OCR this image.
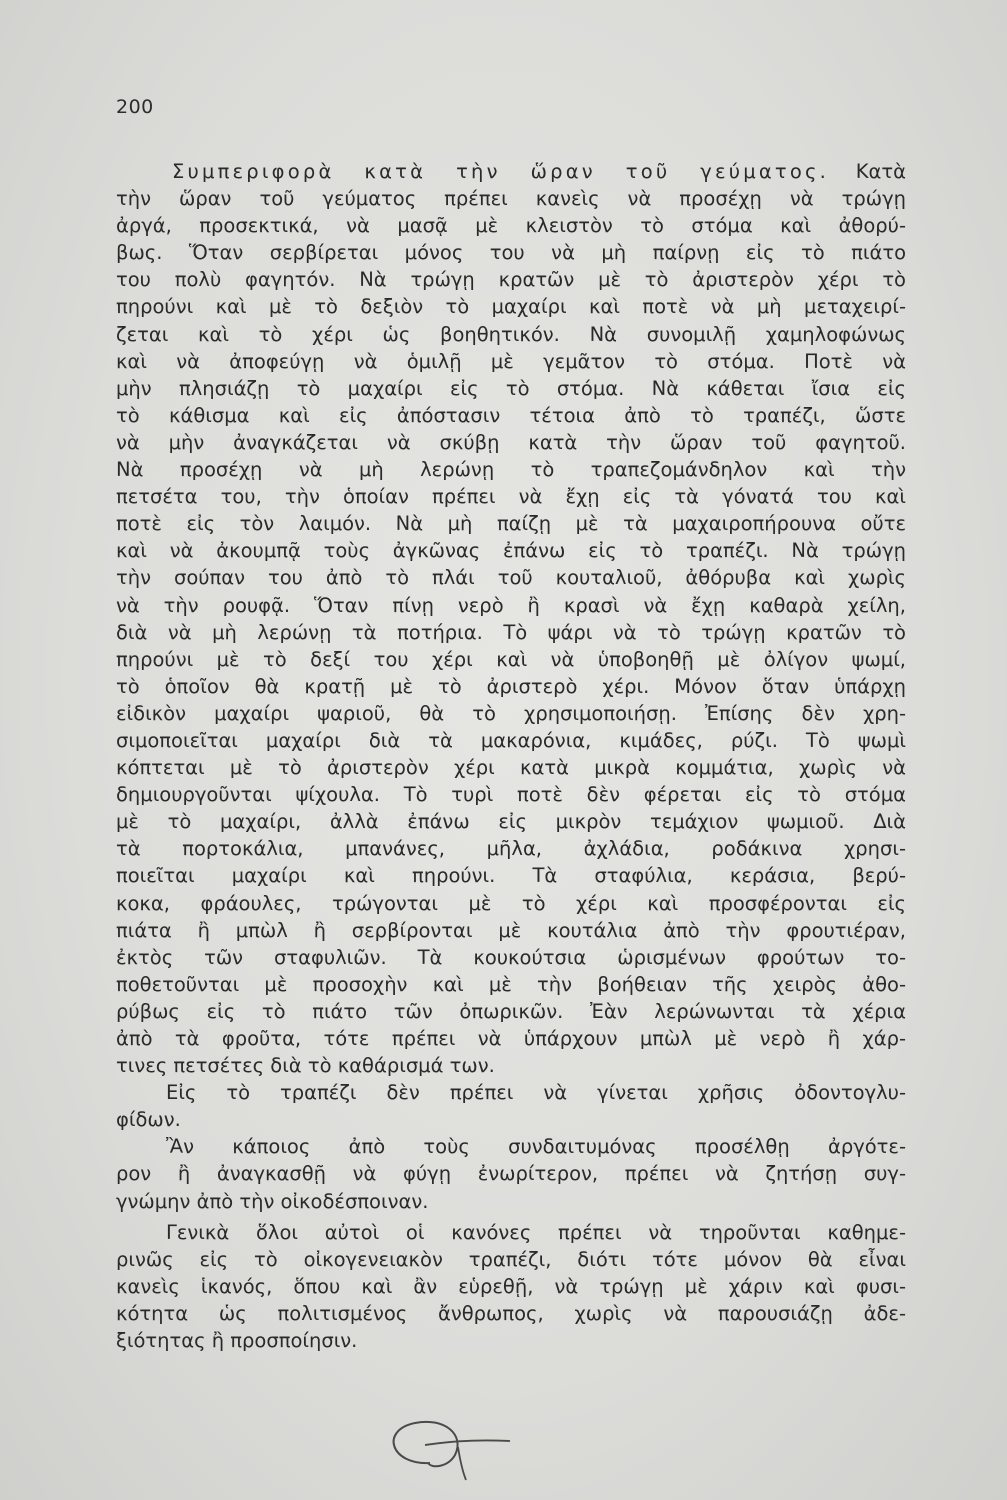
200
Συμπεριφορὰ κατὰ τὴν ὥραν τοῦ γεύματος. Κατὰ
τὴν ὥραν τοῦ γεύματος πρέπει κανεὶς νὰ προσέχῃ νὰ τρώγῃ
ἀργά, προσεκτικά, νὰ μασᾷ μὲ κλειστὸν τὸ στόμα καὶ ἀθορύ-
βως. Ὅταν σερβίρεται μόνος του νὰ μὴ παίρνῃ εἰς τὸ πιάτο
του πολὺ φαγητόν. Νὰ τρώγῃ κρατῶν μὲ τὸ ἀριστερὸν χέρι τὸ
πηρούνι καὶ μὲ τὸ δεξιὸν τὸ μαχαίρι καὶ ποτὲ νὰ μὴ μεταχειρί-
ζεται καὶ τὸ χέρι ὡς βοηθητικόν. Νὰ συνομιλῇ χαμηλοφώνως
καὶ νὰ ἀποφεύγῃ νὰ ὁμιλῇ μὲ γεμᾶτον τὸ στόμα. Ποτὲ νὰ
μὴν πλησιάζῃ τὸ μαχαίρι εἰς τὸ στόμα. Νὰ κάθεται ἴσια εἰς
τὸ κάθισμα καὶ εἰς ἀπόστασιν τέτοια ἀπὸ τὸ τραπέζι, ὥστε
νὰ μὴν ἀναγκάζεται νὰ σκύβῃ κατὰ τὴν ὥραν τοῦ φαγητοῦ.
Νὰ προσέχῃ νὰ μὴ λερώνῃ τὸ τραπεζομάνδηλον καὶ τὴν
πετσέτα του, τὴν ὁποίαν πρέπει νὰ ἔχῃ εἰς τὰ γόνατά του καὶ
ποτὲ εἰς τὸν λαιμόν. Νὰ μὴ παίζῃ μὲ τὰ μαχαιροπήρουνα οὔτε
καὶ νὰ ἀκουμπᾷ τοὺς ἀγκῶνας ἐπάνω εἰς τὸ τραπέζι. Νὰ τρώγῃ
τὴν σούπαν του ἀπὸ τὸ πλάι τοῦ κουταλιοῦ, ἀθόρυβα καὶ χωρὶς
νὰ τὴν ρουφᾷ. Ὅταν πίνῃ νερὸ ἢ κρασὶ νὰ ἔχῃ καθαρὰ χείλη,
διὰ νὰ μὴ λερώνῃ τὰ ποτήρια. Τὸ ψάρι νὰ τὸ τρώγῃ κρατῶν τὸ
πηρούνι μὲ τὸ δεξί του χέρι καὶ νὰ ὑποβοηθῇ μὲ ὀλίγον ψωμί,
τὸ ὁποῖον θὰ κρατῇ μὲ τὸ ἀριστερὸ χέρι. Μόνον ὅταν ὑπάρχῃ
εἰδικὸν μαχαίρι ψαριοῦ, θὰ τὸ χρησιμοποιήσῃ. Ἐπίσης δὲν χρη-
σιμοποιεῖται μαχαίρι διὰ τὰ μακαρόνια, κιμάδες, ρύζι. Τὸ ψωμὶ
κόπτεται μὲ τὸ ἀριστερὸν χέρι κατὰ μικρὰ κομμάτια, χωρὶς νὰ
δημιουργοῦνται ψίχουλα. Τὸ τυρὶ ποτὲ δὲν φέρεται εἰς τὸ στόμα
μὲ τὸ μαχαίρι, ἀλλὰ ἐπάνω εἰς μικρὸν τεμάχιον ψωμιοῦ. Διὰ
τὰ πορτοκάλια, μπανάνες, μῆλα, ἀχλάδια, ροδάκινα χρησι-
ποιεῖται μαχαίρι καὶ πηρούνι. Τὰ σταφύλια, κεράσια, βερύ-
κοκα, φράουλες, τρώγονται μὲ τὸ χέρι καὶ προσφέρονται εἰς
πιάτα ἢ μπὼλ ἢ σερβίρονται μὲ κουτάλια ἀπὸ τὴν φρουτιέραν,
ἐκτὸς τῶν σταφυλιῶν. Τὰ κουκούτσια ὡρισμένων φρούτων το-
ποθετοῦνται μὲ προσοχὴν καὶ μὲ τὴν βοήθειαν τῆς χειρὸς ἀθο-
ρύβως εἰς τὸ πιάτο τῶν ὀπωρικῶν. Ἐὰν λερώνωνται τὰ χέρια
ἀπὸ τὰ φροῦτα, τότε πρέπει νὰ ὑπάρχουν μπὼλ μὲ νερὸ ἢ χάρ-
τινες πετσέτες διὰ τὸ καθάρισμά των.
Εἰς τὸ τραπέζι δὲν πρέπει νὰ γίνεται χρῆσις ὀδοντογλυ-
φίδων.
Ἂν κάποιος ἀπὸ τοὺς συνδαιτυμόνας προσέλθῃ ἀργότε-
ρον ἢ ἀναγκασθῇ νὰ φύγῃ ἐνωρίτερον, πρέπει νὰ ζητήσῃ συγ-
γνώμην ἀπὸ τὴν οἰκοδέσποιναν.
Γενικὰ ὅλοι αὐτοὶ οἱ κανόνες πρέπει νὰ τηροῦνται καθημε-
ρινῶς εἰς τὸ οἰκογενειακὸν τραπέζι, διότι τότε μόνον θὰ εἶναι
κανεὶς ἱκανός, ὅπου καὶ ἂν εὑρεθῇ, νὰ τρώγῃ μὲ χάριν καὶ φυσι-
κότητα ὡς πολιτισμένος ἄνθρωπος, χωρὶς νὰ παρουσιάζῃ ἀδε-
ξιότητας ἢ προσποίησιν.
